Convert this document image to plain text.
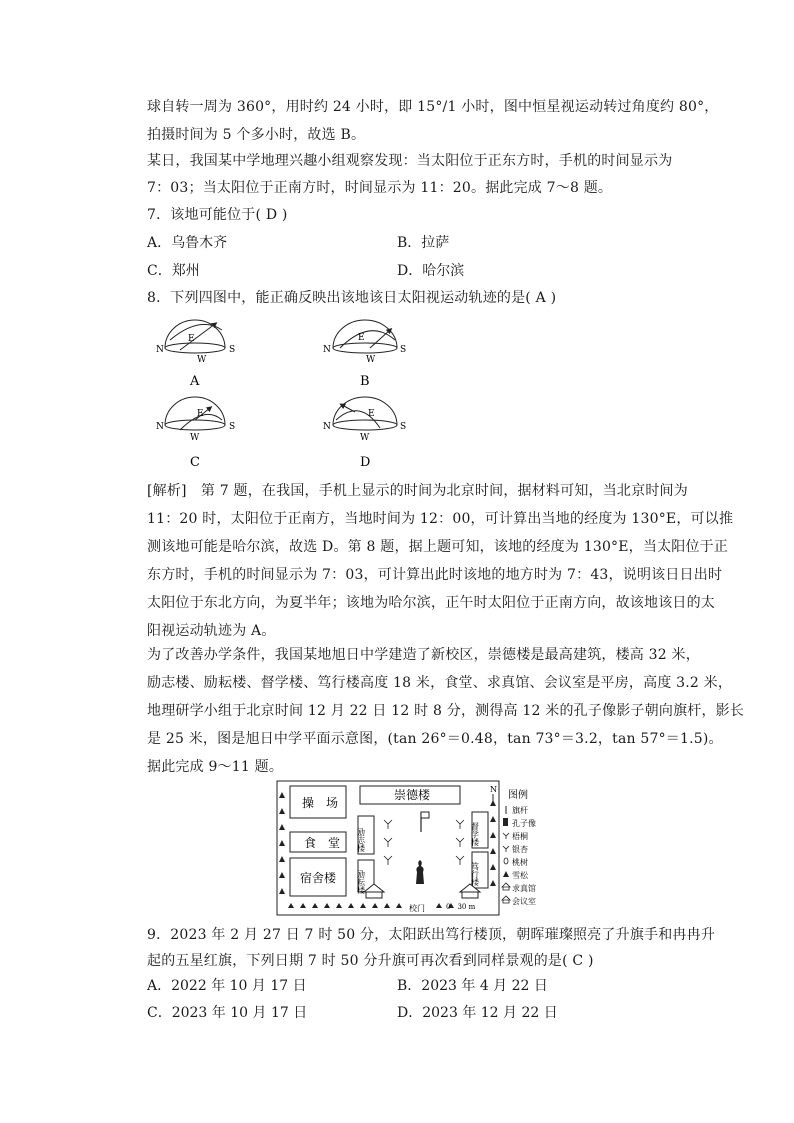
球自转一周为 360°，用时约 24 小时，即 15°/1 小时，图中恒星视运动转过角度约 80°，
拍摄时间为 5 个多小时，故选 B。
某日，我国某中学地理兴趣小组观察发现：当太阳位于正东方时，手机的时间显示为
7：03；当太阳位于正南方时，时间显示为 11：20。据此完成 7～8 题。
7．该地可能位于( D )
A．乌鲁木齐	B．拉萨
C．郑州	D．哈尔滨
8．下列四图中，能正确反映出该地该日太阳视运动轨迹的是( A )
N	S
E
W
A
N	S
E
W
B
N	S
E
W
C
N	S
E
W
D
[解析]　第 7 题，在我国，手机上显示的时间为北京时间，据材料可知，当北京时间为
11：20 时，太阳位于正南方，当地时间为 12：00，可计算出当地的经度为 130°E，可以推
测该地可能是哈尔滨，故选 D。第 8 题，据上题可知，该地的经度为 130°E，当太阳位于正
东方时，手机的时间显示为 7：03，可计算出此时该地的地方时为 7：43，说明该日日出时
太阳位于东北方向，为夏半年；该地为哈尔滨，正午时太阳位于正南方向，故该地该日的太
阳视运动轨迹为 A。
为了改善办学条件，我国某地旭日中学建造了新校区，崇德楼是最高建筑，楼高 32 米，
励志楼、励耘楼、督学楼、笃行楼高度 18 米，食堂、求真馆、会议室是平房，高度 3.2 米，
地理研学小组于北京时间 12 月 22 日 12 时 8 分，测得高 12 米的孔子像影子朝向旗杆，影长
是 25 米，图是旭日中学平面示意图，(tan 26°＝0.48，tan 73°＝3.2，tan 57°＝1.5)。
据此完成 9～11 题。
崇德楼
操　场
食　堂
宿舍楼
励志楼
励耘楼
督学楼
笃行楼
校门	0　30 m
N
图例
旗杆
孔子像
梧桐
银杏
桃树
雪松
求真馆
会议室
9．2023 年 2 月 27 日 7 时 50 分，太阳跃出笃行楼顶，朝晖璀璨照亮了升旗手和冉冉升
起的五星红旗，下列日期 7 时 50 分升旗可再次看到同样景观的是( C )
A．2022 年 10 月 17 日	B．2023 年 4 月 22 日
C．2023 年 10 月 17 日	D．2023 年 12 月 22 日
